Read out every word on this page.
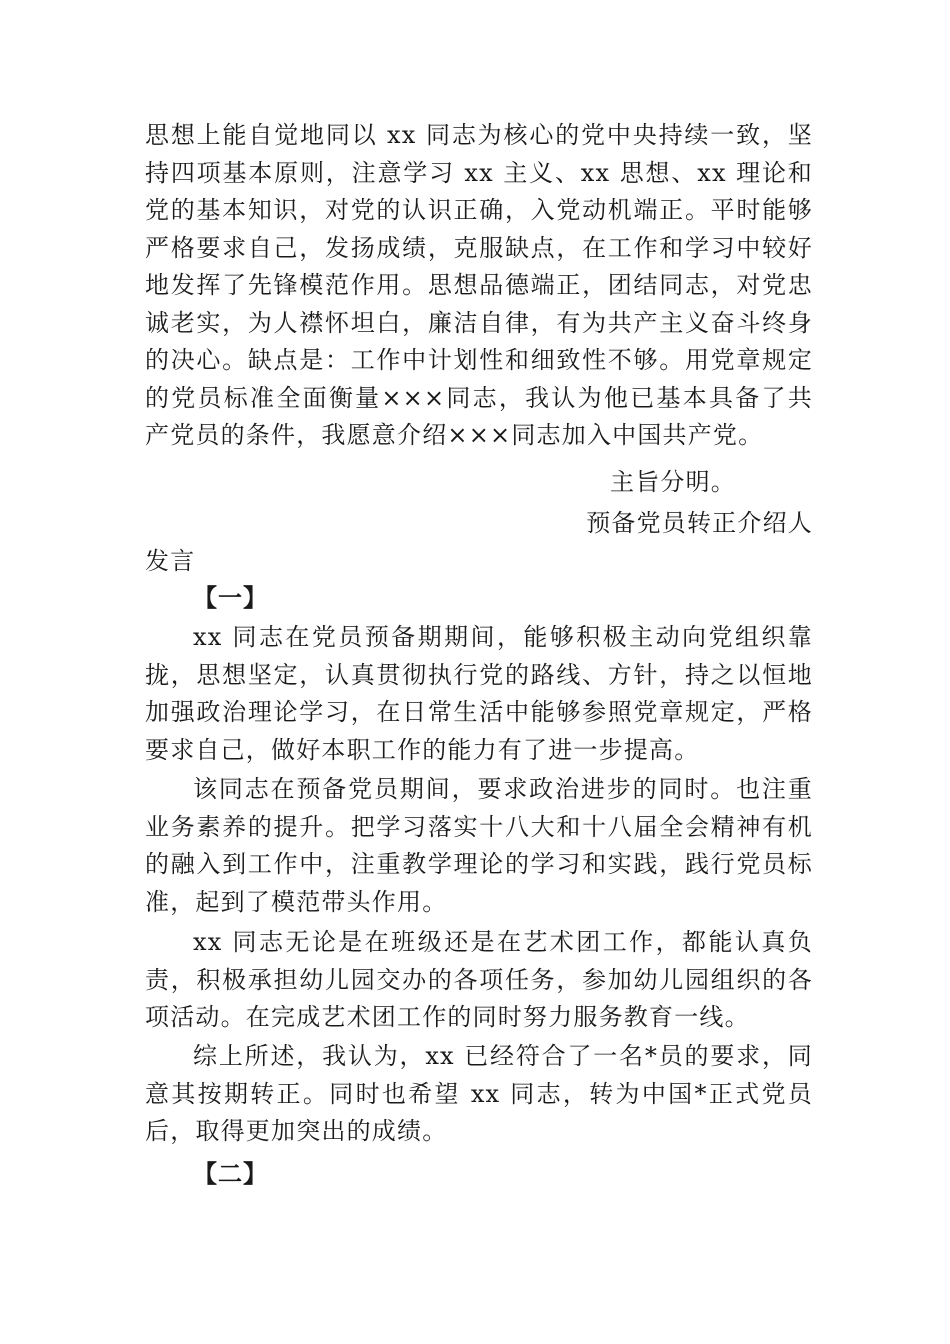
思想上能自觉地同以 xx 同志为核心的党中央持续一致，坚持四项基本原则，注意学习 xx 主义、xx 思想、xx 理论和党的基本知识，对党的认识正确，入党动机端正。平时能够严格要求自己，发扬成绩，克服缺点，在工作和学习中较好地发挥了先锋模范作用。思想品德端正，团结同志，对党忠诚老实，为人襟怀坦白，廉洁自律，有为共产主义奋斗终身的决心。缺点是：工作中计划性和细致性不够。用党章规定的党员标准全面衡量×××同志，我认为他已基本具备了共产党员的条件，我愿意介绍×××同志加入中国共产党。
主旨分明。
预备党员转正介绍人
发言
【一】
xx 同志在党员预备期期间，能够积极主动向党组织靠拢，思想坚定，认真贯彻执行党的路线、方针，持之以恒地加强政治理论学习，在日常生活中能够参照党章规定，严格要求自己，做好本职工作的能力有了进一步提高。
该同志在预备党员期间，要求政治进步的同时。也注重业务素养的提升。把学习落实十八大和十八届全会精神有机的融入到工作中，注重教学理论的学习和实践，践行党员标准，起到了模范带头作用。
xx 同志无论是在班级还是在艺术团工作，都能认真负责，积极承担幼儿园交办的各项任务，参加幼儿园组织的各项活动。在完成艺术团工作的同时努力服务教育一线。
综上所述，我认为，xx 已经符合了一名*员的要求，同意其按期转正。同时也希望 xx 同志，转为中国*正式党员后，取得更加突出的成绩。
【二】
